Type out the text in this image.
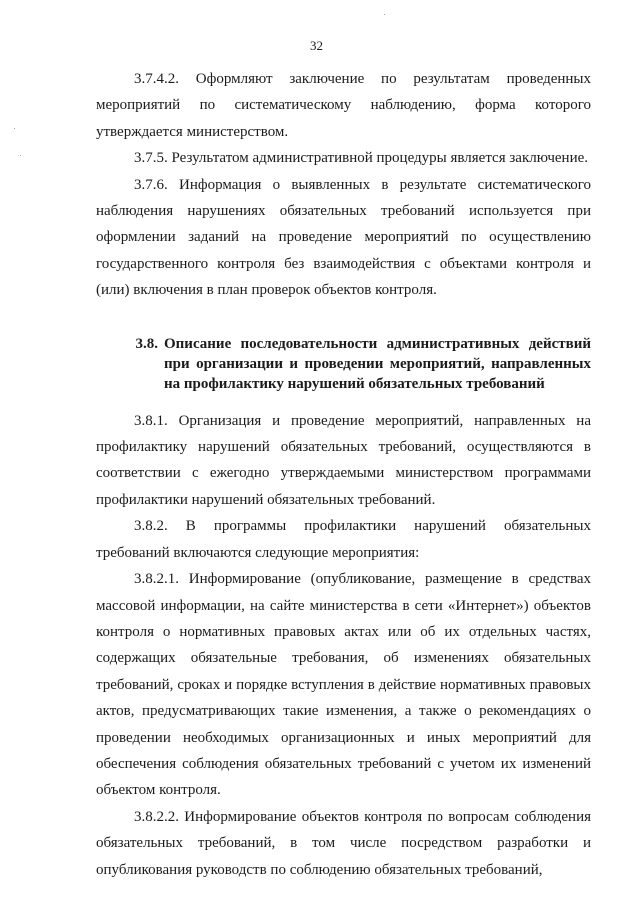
32

3.7.4.2. Оформляют заключение по результатам проведенных мероприятий по систематическому наблюдению, форма которого утверждается министерством.

3.7.5. Результатом административной процедуры является заключение.

3.7.6. Информация о выявленных в результате систематического наблюдения нарушениях обязательных требований используется при оформлении заданий на проведение мероприятий по осуществлению государственного контроля без взаимодействия с объектами контроля и (или) включения в план проверок объектов контроля.

3.8. Описание последовательности административных действий при организации и проведении мероприятий, направленных на профилактику нарушений обязательных требований

3.8.1. Организация и проведение мероприятий, направленных на профилактику нарушений обязательных требований, осуществляются в соответствии с ежегодно утверждаемыми министерством программами профилактики нарушений обязательных требований.

3.8.2. В программы профилактики нарушений обязательных требований включаются следующие мероприятия:

3.8.2.1. Информирование (опубликование, размещение в средствах массовой информации, на сайте министерства в сети «Интернет») объектов контроля о нормативных правовых актах или об их отдельных частях, содержащих обязательные требования, об изменениях обязательных требований, сроках и порядке вступления в действие нормативных правовых актов, предусматривающих такие изменения, а также о рекомендациях о проведении необходимых организационных и иных мероприятий для обеспечения соблюдения обязательных требований с учетом их изменений объектом контроля.

3.8.2.2. Информирование объектов контроля по вопросам соблюдения обязательных требований, в том числе посредством разработки и опубликования руководств по соблюдению обязательных требований,
